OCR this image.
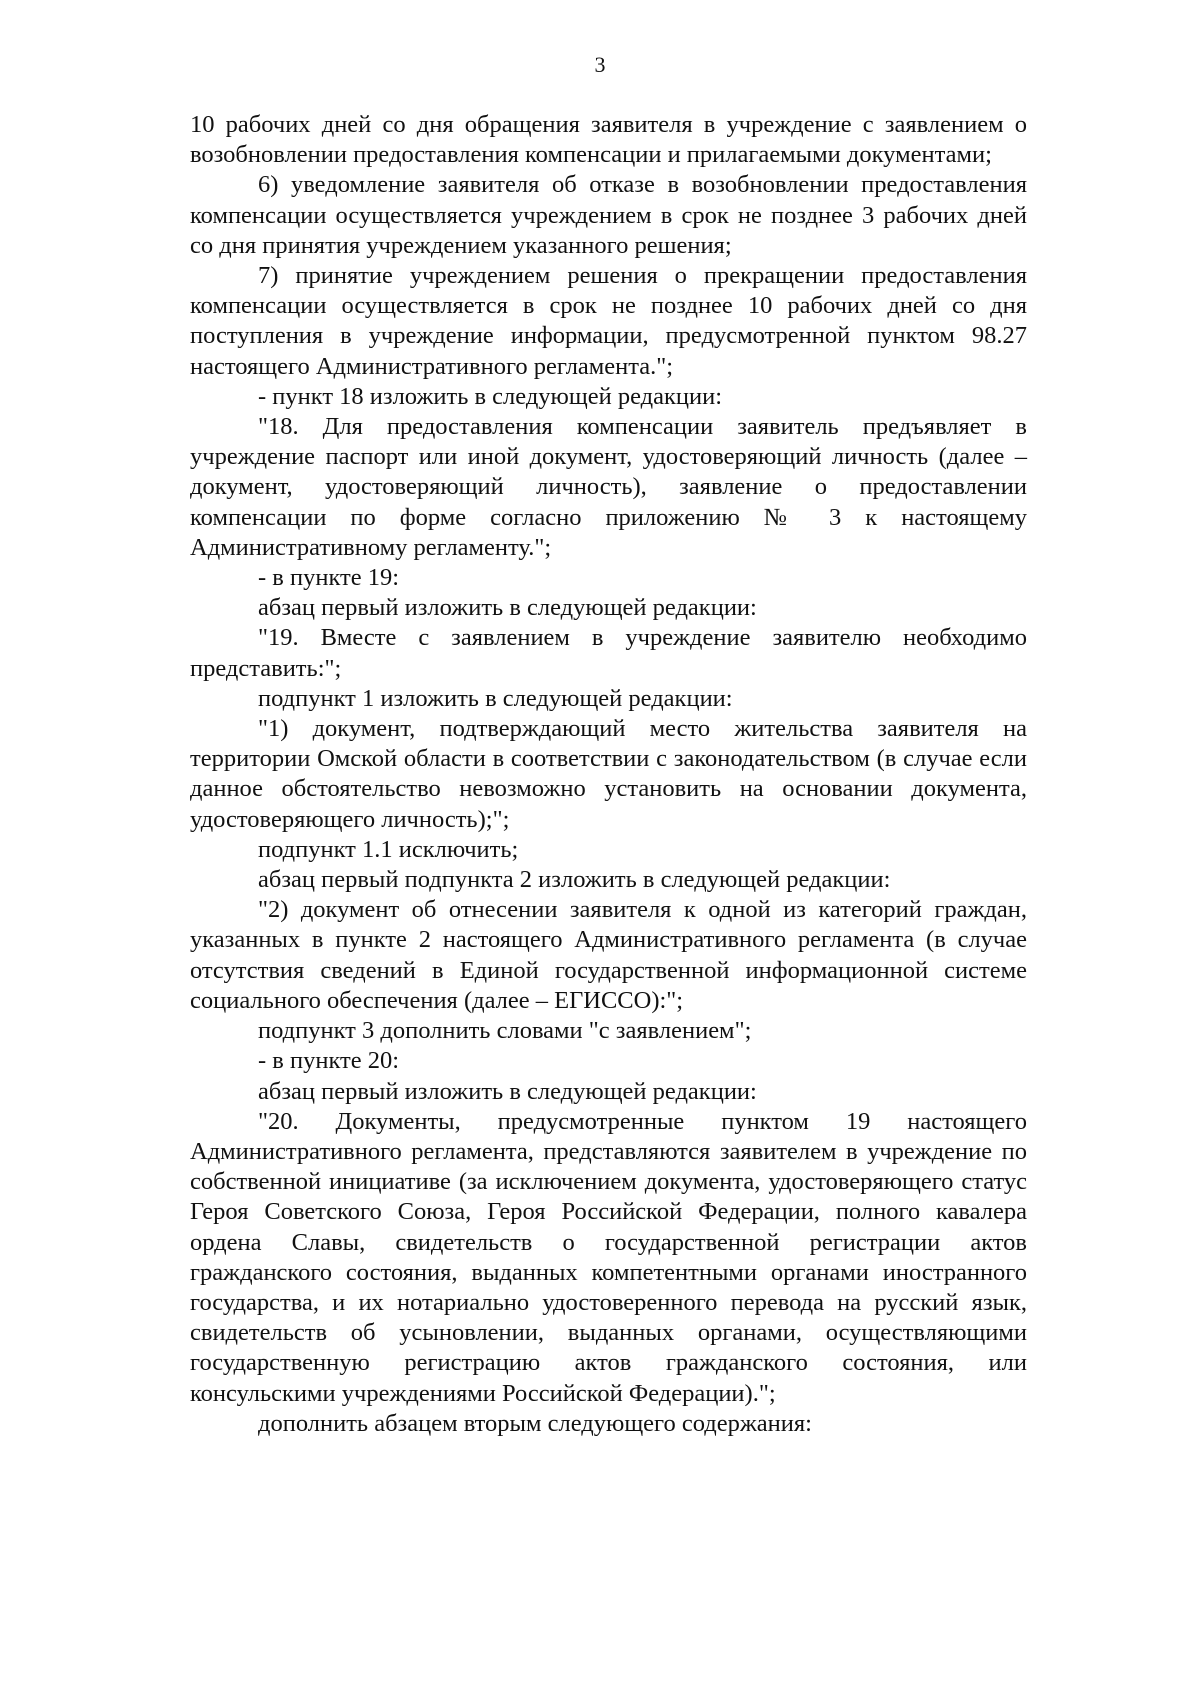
3

10 рабочих дней со дня обращения заявителя в учреждение с заявлением о возобновлении предоставления компенсации и прилагаемыми документами;

6) уведомление заявителя об отказе в возобновлении предоставления компенсации осуществляется учреждением в срок не позднее 3 рабочих дней со дня принятия учреждением указанного решения;

7) принятие учреждением решения о прекращении предоставления компенсации осуществляется в срок не позднее 10 рабочих дней со дня поступления в учреждение информации, предусмотренной пунктом 98.27 настоящего Административного регламента.";

- пункт 18 изложить в следующей редакции:

"18. Для предоставления компенсации заявитель предъявляет в учреждение паспорт или иной документ, удостоверяющий личность (далее – документ, удостоверяющий личность), заявление о предоставлении компенсации по форме согласно приложению № 3 к настоящему Административному регламенту.";

- в пункте 19:

абзац первый изложить в следующей редакции:

"19. Вместе с заявлением в учреждение заявителю необходимо представить:";

подпункт 1 изложить в следующей редакции:

"1) документ, подтверждающий место жительства заявителя на территории Омской области в соответствии с законодательством (в случае если данное обстоятельство невозможно установить на основании документа, удостоверяющего личность);";

подпункт 1.1 исключить;

абзац первый подпункта 2 изложить в следующей редакции:

"2) документ об отнесении заявителя к одной из категорий граждан, указанных в пункте 2 настоящего Административного регламента (в случае отсутствия сведений в Единой государственной информационной системе социального обеспечения (далее – ЕГИССО):";

подпункт 3 дополнить словами "с заявлением";

- в пункте 20:

абзац первый изложить в следующей редакции:

"20. Документы, предусмотренные пунктом 19 настоящего Административного регламента, представляются заявителем в учреждение по собственной инициативе (за исключением документа, удостоверяющего статус Героя Советского Союза, Героя Российской Федерации, полного кавалера ордена Славы, свидетельств о государственной регистрации актов гражданского состояния, выданных компетентными органами иностранного государства, и их нотариально удостоверенного перевода на русский язык, свидетельств об усыновлении, выданных органами, осуществляющими государственную регистрацию актов гражданского состояния, или консульскими учреждениями Российской Федерации).";

дополнить абзацем вторым следующего содержания:
